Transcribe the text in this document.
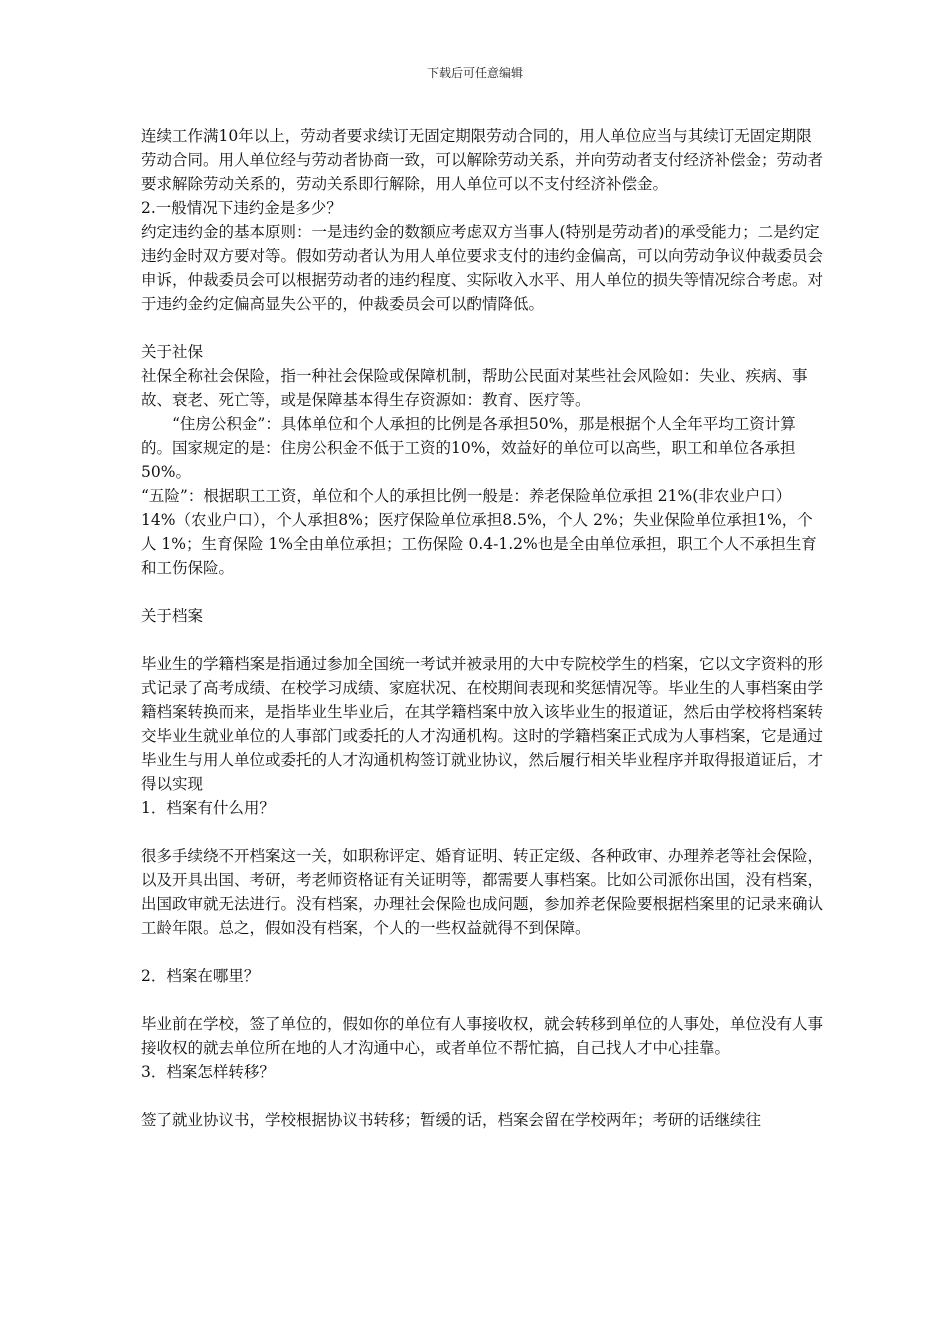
下载后可任意编辑

连续工作满10年以上，劳动者要求续订无固定期限劳动合同的，用人单位应当与其续订无固定期限劳动合同。用人单位经与劳动者协商一致，可以解除劳动关系，并向劳动者支付经济补偿金；劳动者要求解除劳动关系的，劳动关系即行解除，用人单位可以不支付经济补偿金。

2.一般情况下违约金是多少？

约定违约金的基本原则：一是违约金的数额应考虑双方当事人(特别是劳动者)的承受能力；二是约定违约金时双方要对等。假如劳动者认为用人单位要求支付的违约金偏高，可以向劳动争议仲裁委员会申诉，仲裁委员会可以根据劳动者的违约程度、实际收入水平、用人单位的损失等情况综合考虑。对于违约金约定偏高显失公平的，仲裁委员会可以酌情降低。

关于社保

社保全称社会保险，指一种社会保险或保障机制，帮助公民面对某些社会风险如：失业、疾病、事故、衰老、死亡等，或是保障基本得生存资源如：教育、医疗等。

“住房公积金”：具体单位和个人承担的比例是各承担50%，那是根据个人全年平均工资计算的。国家规定的是：住房公积金不低于工资的10%，效益好的单位可以高些，职工和单位各承担50%。

“五险”：根据职工工资，单位和个人的承担比例一般是：养老保险单位承担 21%(非农业户口）14%（农业户口），个人承担8%；医疗保险单位承担8.5%，个人 2%；失业保险单位承担1%，个人 1%；生育保险 1%全由单位承担；工伤保险 0.4-1.2%也是全由单位承担，职工个人不承担生育和工伤保险。

关于档案

毕业生的学籍档案是指通过参加全国统一考试并被录用的大中专院校学生的档案，它以文字资料的形式记录了高考成绩、在校学习成绩、家庭状况、在校期间表现和奖惩情况等。毕业生的人事档案由学籍档案转换而来，是指毕业生毕业后，在其学籍档案中放入该毕业生的报道证，然后由学校将档案转交毕业生就业单位的人事部门或委托的人才沟通机构。这时的学籍档案正式成为人事档案，它是通过毕业生与用人单位或委托的人才沟通机构签订就业协议，然后履行相关毕业程序并取得报道证后，才得以实现

1．档案有什么用？

很多手续绕不开档案这一关，如职称评定、婚育证明、转正定级、各种政审、办理养老等社会保险，以及开具出国、考研，考老师资格证有关证明等，都需要人事档案。比如公司派你出国，没有档案，出国政审就无法进行。没有档案，办理社会保险也成问题，参加养老保险要根据档案里的记录来确认工龄年限。总之，假如没有档案，个人的一些权益就得不到保障。

2．档案在哪里？

毕业前在学校，签了单位的，假如你的单位有人事接收权，就会转移到单位的人事处，单位没有人事接收权的就去单位所在地的人才沟通中心，或者单位不帮忙搞，自己找人才中心挂靠。

3．档案怎样转移？

签了就业协议书，学校根据协议书转移；暂缓的话，档案会留在学校两年；考研的话继续往
